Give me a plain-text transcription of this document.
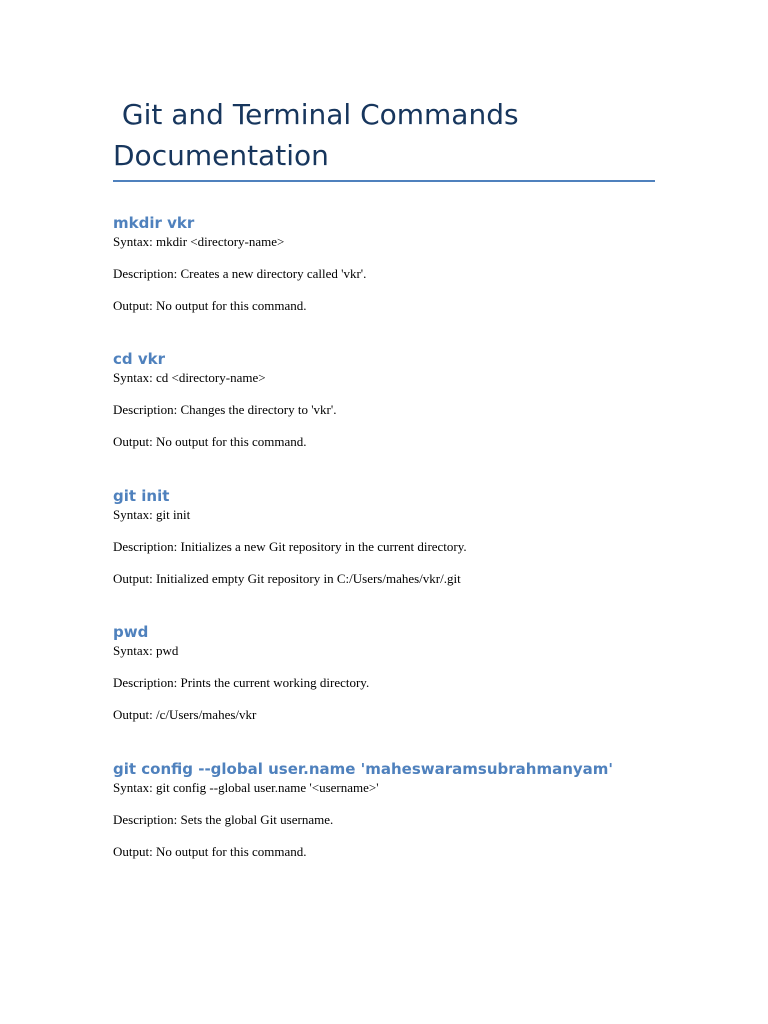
Git and Terminal Commands Documentation
mkdir vkr

Syntax: mkdir <directory-name>

Description: Creates a new directory called 'vkr'.

Output: No output for this command.

cd vkr

Syntax: cd <directory-name>

Description: Changes the directory to 'vkr'.

Output: No output for this command.

git init

Syntax: git init

Description: Initializes a new Git repository in the current directory.

Output: Initialized empty Git repository in C:/Users/mahes/vkr/.git

pwd

Syntax: pwd

Description: Prints the current working directory.

Output: /c/Users/mahes/vkr

git config --global user.name 'maheswaramsubrahmanyam'

Syntax: git config --global user.name '<username>'

Description: Sets the global Git username.

Output: No output for this command.
